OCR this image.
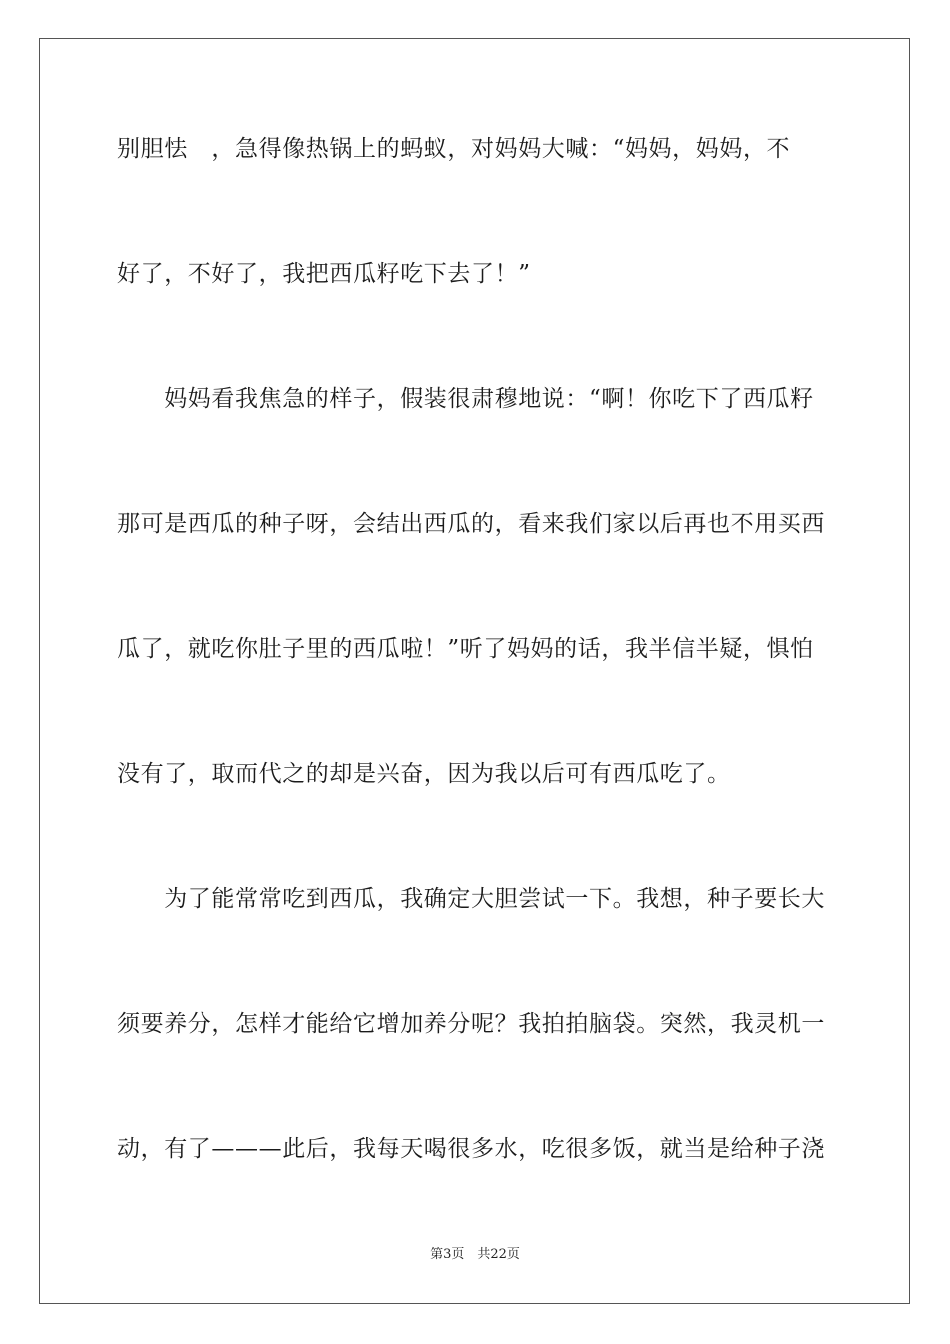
别胆怯　，急得像热锅上的蚂蚁，对妈妈大喊：“妈妈，妈妈，不
好了，不好了，我把西瓜籽吃下去了！”
　　妈妈看我焦急的样子，假装很肃穆地说：“啊！你吃下了西瓜籽
那可是西瓜的种子呀，会结出西瓜的，看来我们家以后再也不用买西
瓜了，就吃你肚子里的西瓜啦！”听了妈妈的话，我半信半疑，惧怕
没有了，取而代之的却是兴奋，因为我以后可有西瓜吃了。
　　为了能常常吃到西瓜，我确定大胆尝试一下。我想，种子要长大
须要养分，怎样才能给它增加养分呢？我拍拍脑袋。突然，我灵机一
动，有了———此后，我每天喝很多水，吃很多饭，就当是给种子浇
第3页　共22页
